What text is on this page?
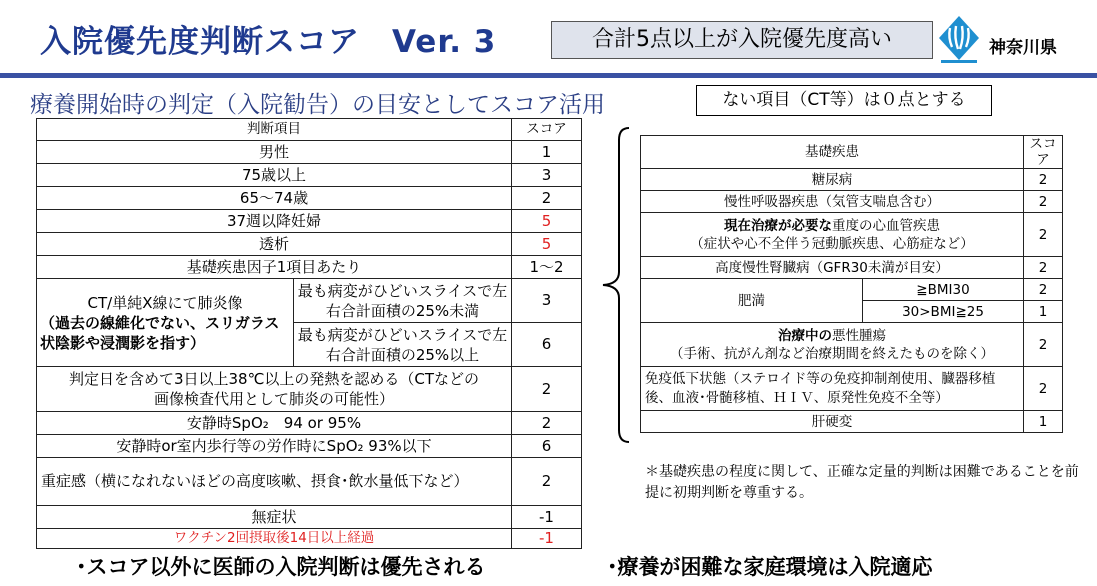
入院優先度判断スコア　Ver. 3	合計5点以上が入院優先度高い	神奈川県
療養開始時の判定（入院勧告）の目安としてスコア活用	ない項目（CT等）は０点とする
判断項目		スコア
男性		1
75歳以上		3
65～74歳		2
37週以降妊婦		5
透析		5
基礎疾患因子1項目あたり		1～2

CT/単純X線にて肺炎像
（過去の線維化でない、スリガラス状陰影や浸潤影を指す）	最も病変がひどいスライスで左右合計面積の25%未満	3
	最も病変がひどいスライスで左右合計面積の25%以上	6
判定日を含めて3日以上38℃以上の発熱を認める（CTなどの画像検査代用として肺炎の可能性）		2
安静時SpO₂　94 or 95%		2
安静時or室内歩行等の労作時にSpO₂ 93%以下		6
重症感（横になれないほどの高度咳嗽、摂食･飲水量低下など）		2
無症状		-1
ワクチン2回摂取後14日以上経過		-1
基礎疾患		スコア
糖尿病		2
慢性呼吸器疾患（気管支喘息含む）		2

現在治療が必要な重度の心血管疾患
（症状や心不全伴う冠動脈疾患、心筋症など）		2
高度慢性腎臓病（GFR30未満が目安）		2
肥満	≧BMI30	2
	30>BMI≧25	1

治療中の悪性腫瘍
（手術、抗がん剤など治療期間を終えたものを除く）		2
免疫低下状態（ステロイド等の免疫抑制剤使用、臓器移植後、血液･骨髄移植、ＨＩＶ、原発性免疫不全等）		2
肝硬変		1
＊基礎疾患の程度に関して、正確な定量的判断は困難であることを前提に初期判断を尊重する。
･スコア以外に医師の入院判断は優先される	･療養が困難な家庭環境は入院適応
